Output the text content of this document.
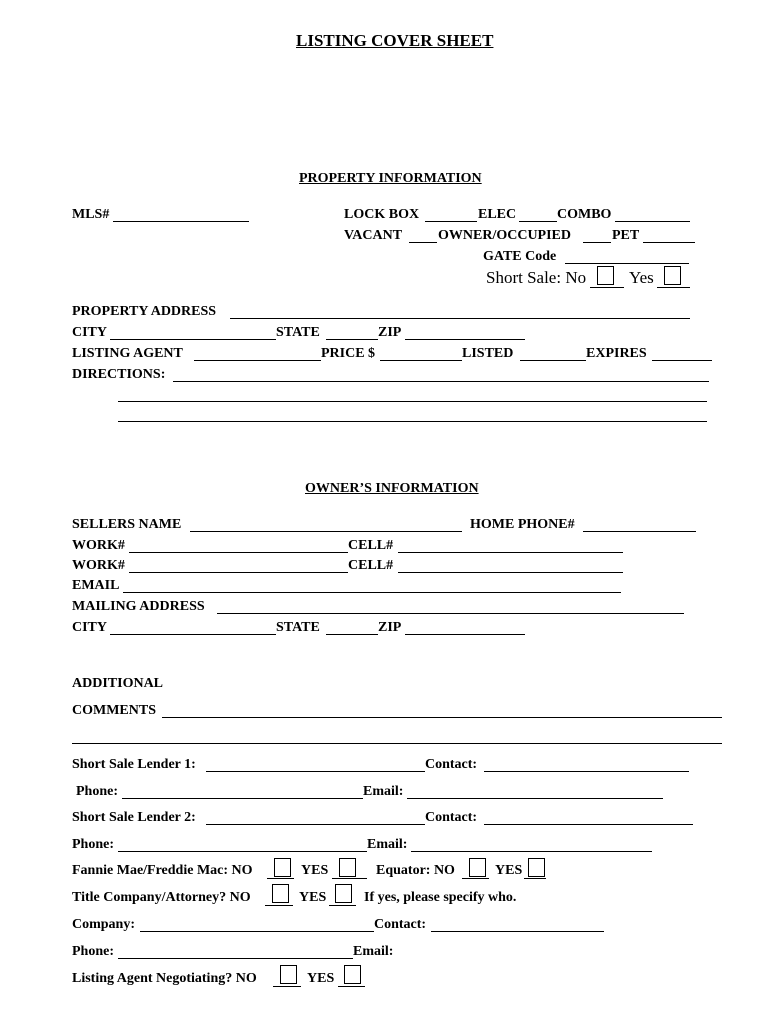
LISTING COVER SHEET
PROPERTY INFORMATION
MLS#	LOCK BOX	ELEC	COMBO
VACANT	OWNER/OCCUPIED	PET
GATE Code
Short Sale: No	Yes
PROPERTY ADDRESS
CITY	STATE	ZIP
LISTING AGENT	PRICE $	LISTED	EXPIRES
DIRECTIONS:
OWNER’S INFORMATION
SELLERS NAME	HOME PHONE#
WORK#	CELL#
WORK#	CELL#
EMAIL
MAILING ADDRESS
CITY	STATE	ZIP
ADDITIONAL
COMMENTS
Short Sale Lender 1:	Contact:
Phone:	Email:
Short Sale Lender 2:	Contact:
Phone:	Email:
Fannie Mae/Freddie Mac: NO	YES	Equator: NO	YES
Title Company/Attorney? NO	YES	If yes, please specify who.
Company:	Contact:
Phone:	Email:
Listing Agent Negotiating? NO	YES
